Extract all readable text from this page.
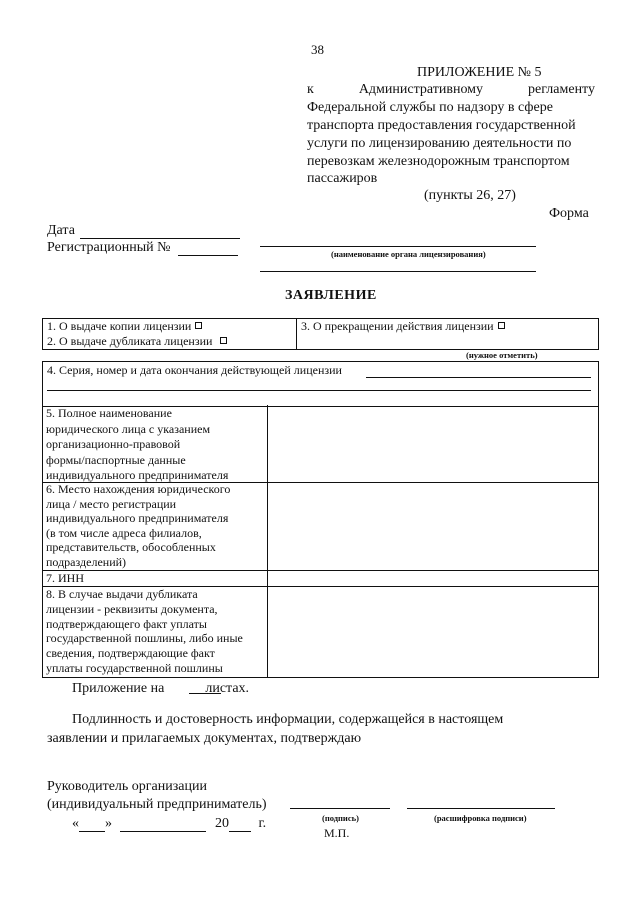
38
ПРИЛОЖЕНИЕ № 5
к	Административному	регламенту
Федеральной службы по надзору в сфере
транспорта предоставления государственной
услуги по лицензированию деятельности по
перевозкам железнодорожным транспортом
пассажиров
(пункты 26, 27)
Форма
Дата
Регистрационный №	(наименование органа лицензирования)
ЗАЯВЛЕНИЕ
1. О выдаче копии лицензии
2. О выдаче дубликата лицензии
3. О прекращении действия лицензии
(нужное отметить)
4. Серия, номер и дата окончания действующей лицензии
5. Полное наименование
юридического лица с указанием
организационно-правовой
формы/паспортные данные
индивидуального предпринимателя
6. Место нахождения юридического
лица / место регистрации
индивидуального предпринимателя
(в том числе адреса филиалов,
представительств, обособленных
подразделений)
7. ИНН
8. В случае выдачи дубликата
лицензии - реквизиты документа,
подтверждающего факт уплаты
государственной пошлины, либо иные
сведения, подтверждающие факт
уплаты государственной пошлины
Приложение на	листах.
Подлинность и достоверность информации, содержащейся в настоящем
заявлении и прилагаемых документах, подтверждаю
Руководитель организации
(индивидуальный предприниматель)
« »	20 г.	(подпись)	(расшифровка подписи)
М.П.
